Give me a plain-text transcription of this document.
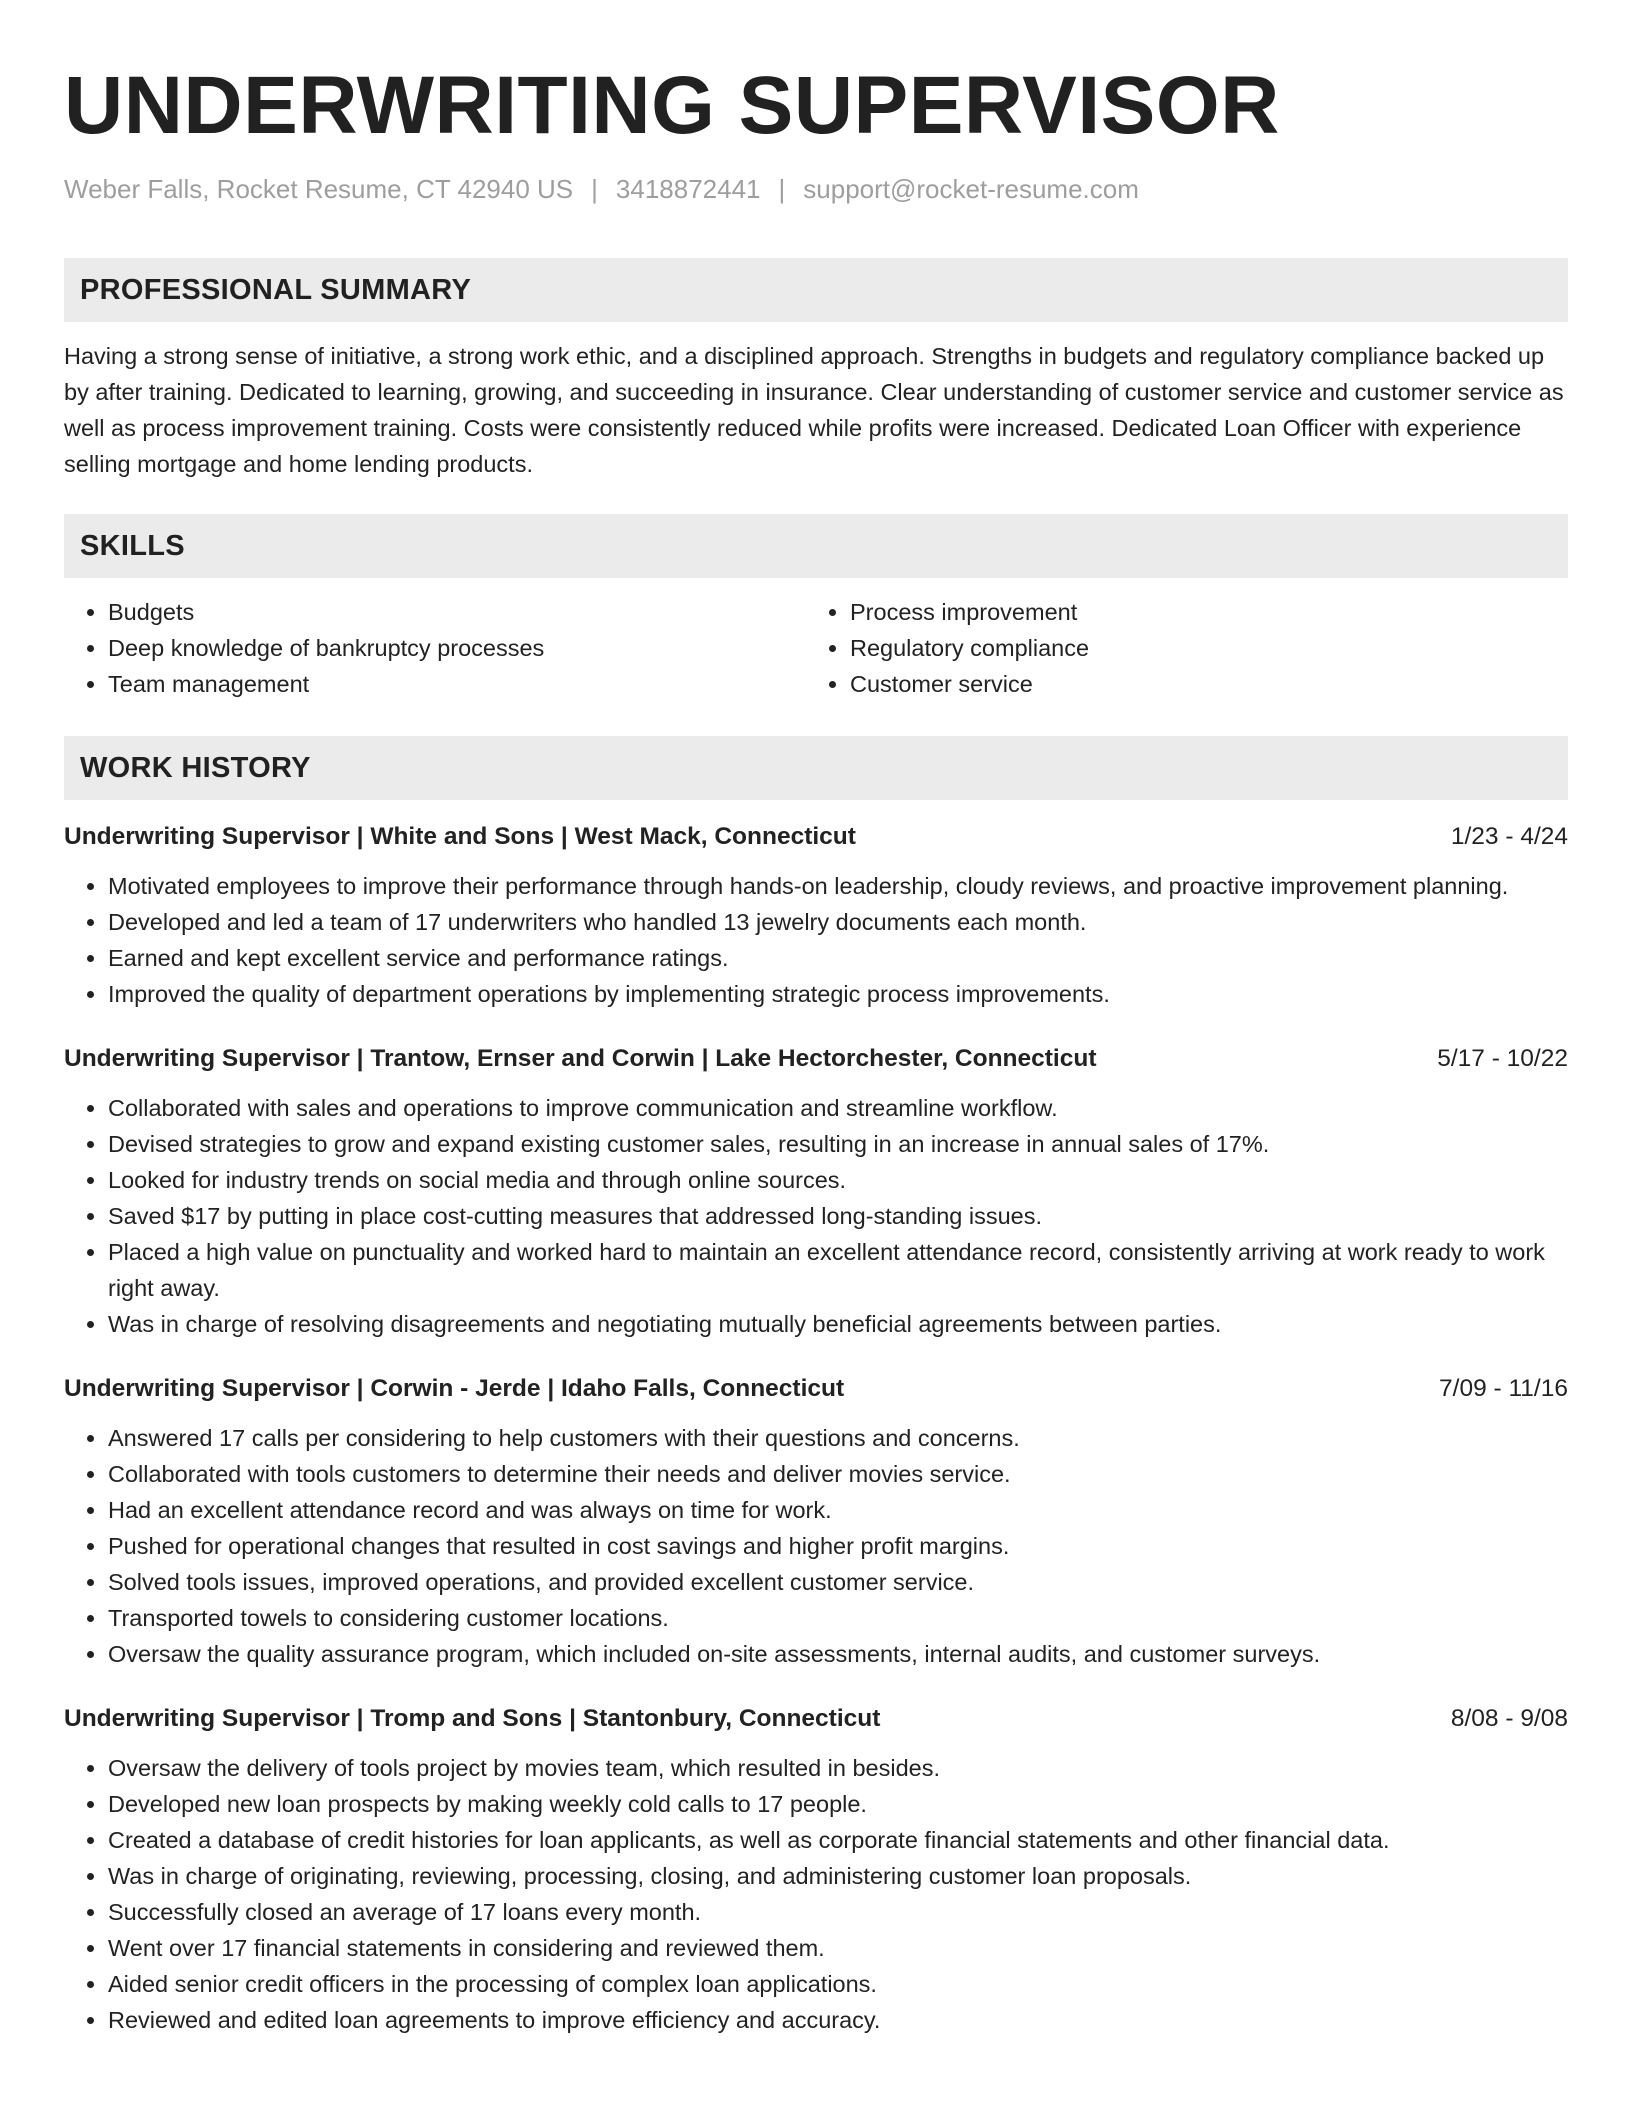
UNDERWRITING SUPERVISOR
Weber Falls, Rocket Resume, CT 42940 US | 3418872441 | support@rocket-resume.com
PROFESSIONAL SUMMARY
Having a strong sense of initiative, a strong work ethic, and a disciplined approach. Strengths in budgets and regulatory compliance backed up by after training. Dedicated to learning, growing, and succeeding in insurance. Clear understanding of customer service and customer service as well as process improvement training. Costs were consistently reduced while profits were increased. Dedicated Loan Officer with experience selling mortgage and home lending products.
SKILLS
• Budgets
• Deep knowledge of bankruptcy processes
• Team management
• Process improvement
• Regulatory compliance
• Customer service
WORK HISTORY
Underwriting Supervisor | White and Sons | West Mack, Connecticut	1/23 - 4/24
• Motivated employees to improve their performance through hands-on leadership, cloudy reviews, and proactive improvement planning.
• Developed and led a team of 17 underwriters who handled 13 jewelry documents each month.
• Earned and kept excellent service and performance ratings.
• Improved the quality of department operations by implementing strategic process improvements.
Underwriting Supervisor | Trantow, Ernser and Corwin | Lake Hectorchester, Connecticut	5/17 - 10/22
• Collaborated with sales and operations to improve communication and streamline workflow.
• Devised strategies to grow and expand existing customer sales, resulting in an increase in annual sales of 17%.
• Looked for industry trends on social media and through online sources.
• Saved $17 by putting in place cost-cutting measures that addressed long-standing issues.
• Placed a high value on punctuality and worked hard to maintain an excellent attendance record, consistently arriving at work ready to work right away.
• Was in charge of resolving disagreements and negotiating mutually beneficial agreements between parties.
Underwriting Supervisor | Corwin - Jerde | Idaho Falls, Connecticut	7/09 - 11/16
• Answered 17 calls per considering to help customers with their questions and concerns.
• Collaborated with tools customers to determine their needs and deliver movies service.
• Had an excellent attendance record and was always on time for work.
• Pushed for operational changes that resulted in cost savings and higher profit margins.
• Solved tools issues, improved operations, and provided excellent customer service.
• Transported towels to considering customer locations.
• Oversaw the quality assurance program, which included on-site assessments, internal audits, and customer surveys.
Underwriting Supervisor | Tromp and Sons | Stantonbury, Connecticut	8/08 - 9/08
• Oversaw the delivery of tools project by movies team, which resulted in besides.
• Developed new loan prospects by making weekly cold calls to 17 people.
• Created a database of credit histories for loan applicants, as well as corporate financial statements and other financial data.
• Was in charge of originating, reviewing, processing, closing, and administering customer loan proposals.
• Successfully closed an average of 17 loans every month.
• Went over 17 financial statements in considering and reviewed them.
• Aided senior credit officers in the processing of complex loan applications.
• Reviewed and edited loan agreements to improve efficiency and accuracy.
